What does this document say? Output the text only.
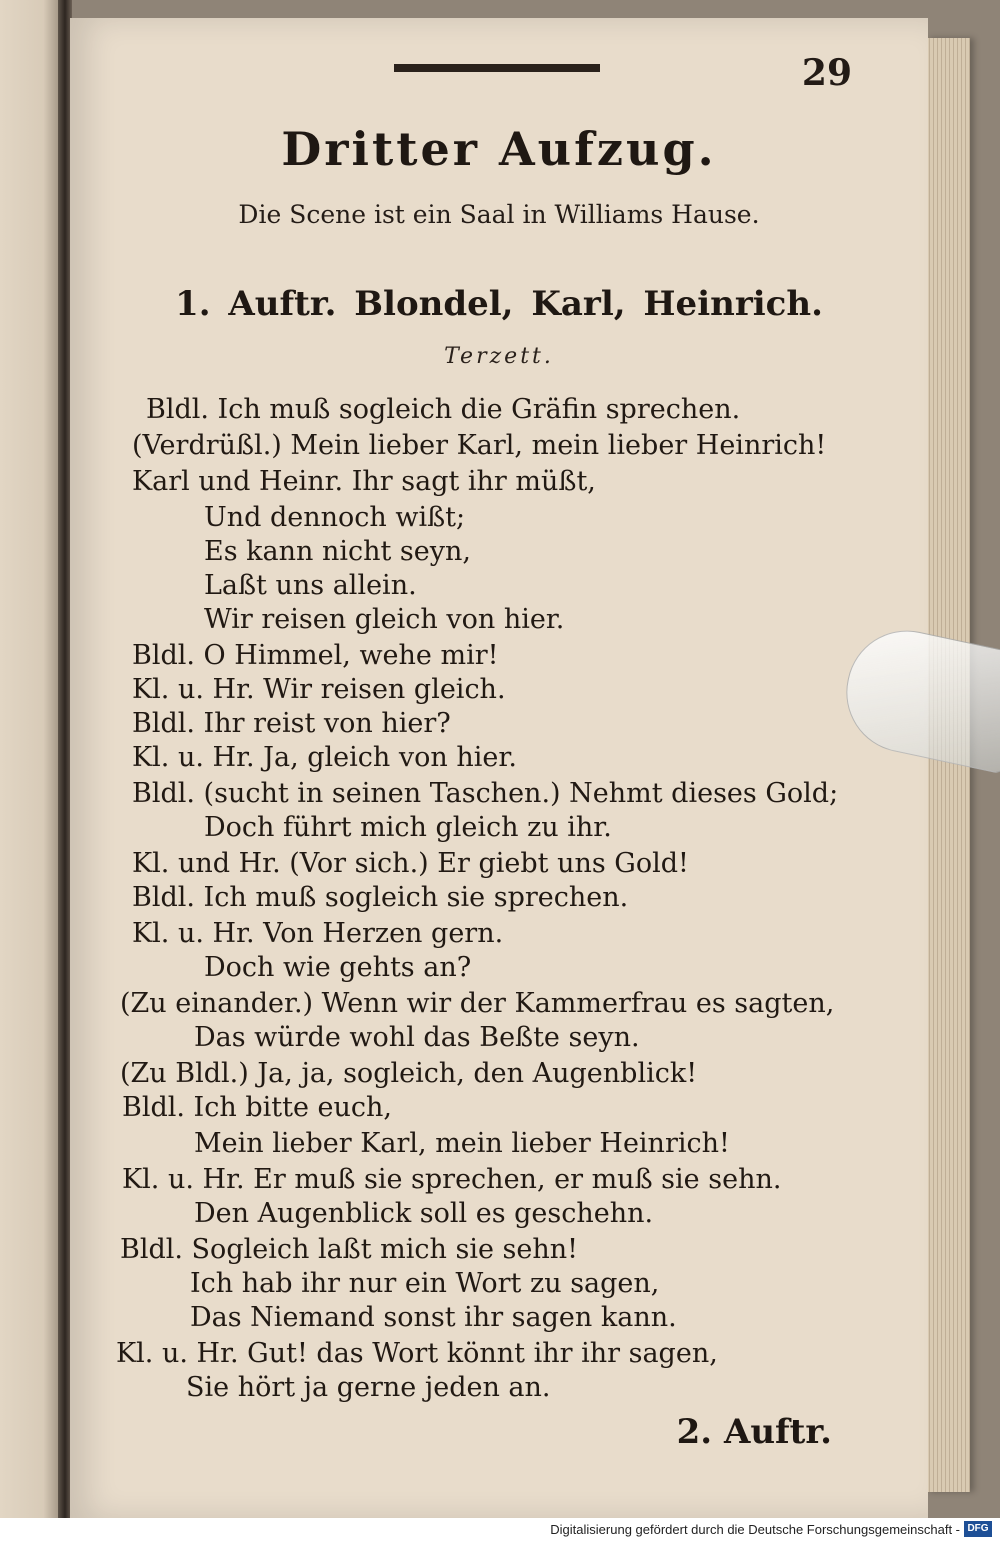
29
Dritter Aufzug.
Die Scene ist ein Saal in Williams Hause.
1. Auftr. Blondel, Karl, Heinrich.
Terzett.
Bldl. Ich muß sogleich die Gräfin sprechen.
(Verdrüßl.) Mein lieber Karl, mein lieber Heinrich!
Karl und Heinr. Ihr sagt ihr müßt,
Und dennoch wißt;
Es kann nicht seyn,
Laßt uns allein.
Wir reisen gleich von hier.
Bldl. O Himmel, wehe mir!
Kl. u. Hr. Wir reisen gleich.
Bldl. Ihr reist von hier?
Kl. u. Hr. Ja, gleich von hier.
Bldl. (sucht in seinen Taschen.) Nehmt dieses Gold;
Doch führt mich gleich zu ihr.
Kl. und Hr. (Vor sich.) Er giebt uns Gold!
Bldl. Ich muß sogleich sie sprechen.
Kl. u. Hr. Von Herzen gern.
Doch wie gehts an?
(Zu einander.) Wenn wir der Kammerfrau es sagten,
Das würde wohl das Beßte seyn.
(Zu Bldl.) Ja, ja, sogleich, den Augenblick!
Bldl. Ich bitte euch,
Mein lieber Karl, mein lieber Heinrich!
Kl. u. Hr. Er muß sie sprechen, er muß sie sehn.
Den Augenblick soll es geschehn.
Bldl. Sogleich laßt mich sie sehn!
Ich hab ihr nur ein Wort zu sagen,
Das Niemand sonst ihr sagen kann.
Kl. u. Hr. Gut! das Wort könnt ihr ihr sagen,
Sie hört ja gerne jeden an.
2. Auftr.
Digitalisierung gefördert durch die Deutsche Forschungsgemeinschaft - DFG
